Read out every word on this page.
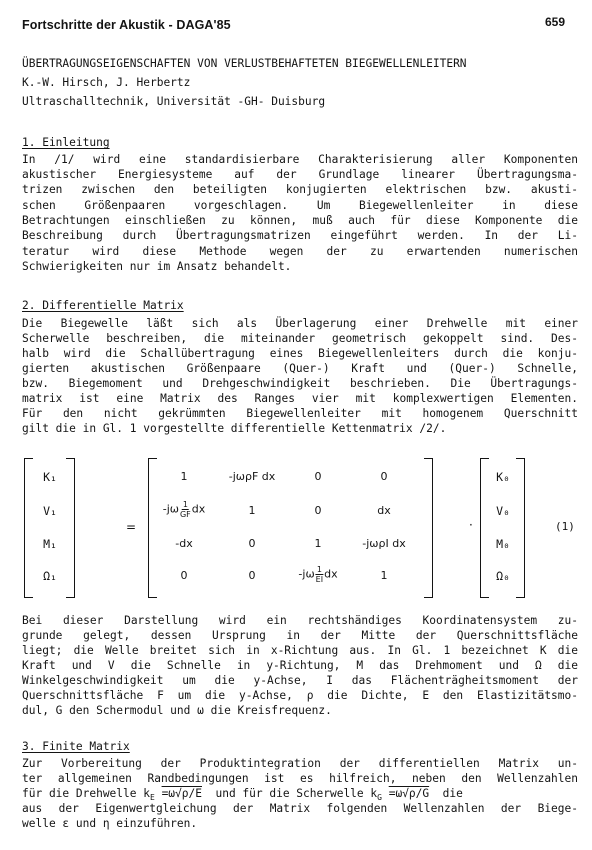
Fortschritte der Akustik - DAGA'85	659
ÜBERTRAGUNGSEIGENSCHAFTEN VON VERLUSTBEHAFTETEN BIEGEWELLENLEITERN
K.-W. Hirsch, J. Herbertz
Ultraschalltechnik, Universität -GH- Duisburg
1. Einleitung
In /1/ wird eine standardisierbare Charakterisierung aller Komponenten
akustischer Energiesysteme auf der Grundlage linearer Übertragungsma-
trizen zwischen den beteiligten konjugierten elektrischen bzw. akusti-
schen Größenpaaren vorgeschlagen. Um Biegewellenleiter in diese
Betrachtungen einschließen zu können, muß auch für diese Komponente die
Beschreibung durch Übertragungsmatrizen eingeführt werden. In der Li-
teratur wird diese Methode wegen der zu erwartenden numerischen
Schwierigkeiten nur im Ansatz behandelt.
2. Differentielle Matrix
Die Biegewelle läßt sich als Überlagerung einer Drehwelle mit einer
Scherwelle beschreiben, die miteinander geometrisch gekoppelt sind. Des-
halb wird die Schallübertragung eines Biegewellenleiters durch die konju-
gierten akustischen Größenpaare (Quer-) Kraft und (Quer-) Schnelle,
bzw. Biegemoment und Drehgeschwindigkeit beschrieben. Die Übertragungs-
matrix ist eine Matrix des Ranges vier mit komplexwertigen Elementen.
Für den nicht gekrümmten Biegewellenleiter mit homogenem Querschnitt
gilt die in Gl. 1 vorgestellte differentielle Kettenmatrix /2/.
K₁
V₁
M₁
Ω₁
=
1	-jωρF dx	0	0
$-j\omega \frac{1}{GF}$ dx	1	0	dx
-dx	0	1	-jωρI dx
0	0	$-j\omega \frac{1}{EI}$ dx	1
·
K₀
V₀
M₀
Ω₀
(1)
Bei dieser Darstellung wird ein rechtshändiges Koordinatensystem zu-
grunde gelegt, dessen Ursprung in der Mitte der Querschnittsfläche
liegt; die Welle breitet sich in x-Richtung aus. In Gl. 1 bezeichnet K die
Kraft und V die Schnelle in y-Richtung, M das Drehmoment und Ω die
Winkelgeschwindigkeit um die y-Achse, I das Flächenträgheitsmoment der
Querschnittsfläche F um die y-Achse, ρ die Dichte, E den Elastizitätsmo-
dul, G den Schermodul und ω die Kreisfrequenz.
3. Finite Matrix
Zur Vorbereitung der Produktintegration der differentiellen Matrix un-
ter allgemeinen Randbedingungen ist es hilfreich, neben den Wellenzahlen
für die Drehwelle $k_E =\omega√\rho/E$ und für die Scherwelle $k_G =\omega√\rho/G$ die
aus der Eigenwertgleichung der Matrix folgenden Wellenzahlen der Biege-
welle ε und η einzuführen.
